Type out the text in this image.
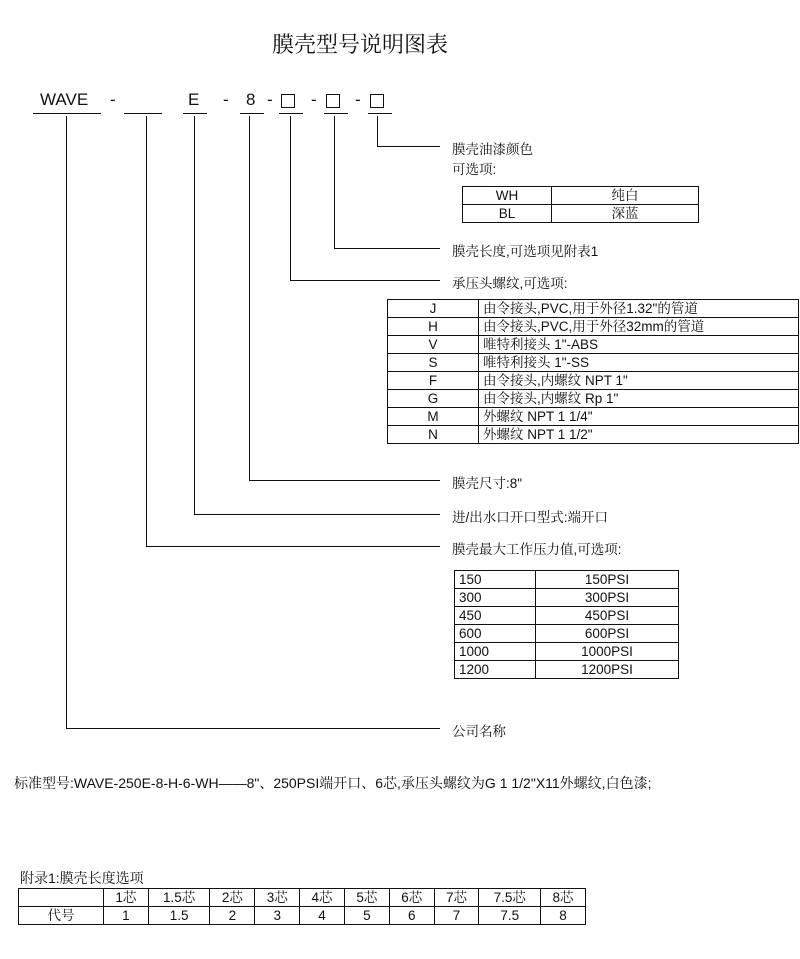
膜壳型号说明图表
WAVE -	E - 8 - - -
膜壳油漆颜色
可选项:
WH	纯白
BL	深蓝
膜壳长度,可选项见附表1
承压头螺纹,可选项:
J	由令接头,PVC,用于外径1.32"的管道
H	由令接头,PVC,用于外径32mm的管道
V	唯特利接头 1"-ABS
S	唯特利接头 1"-SS
F	由令接头,内螺纹 NPT 1"
G	由令接头,内螺纹 Rp 1"
M	外螺纹 NPT 1 1/4"
N	外螺纹 NPT 1 1/2"
膜壳尺寸:8"
进/出水口开口型式:端开口
膜壳最大工作压力值,可选项:
150	150PSI
300	300PSI
450	450PSI
600	600PSI
1000	1000PSI
1200	1200PSI
公司名称
标准型号:WAVE-250E-8-H-6-WH——8"、250PSI端开口、6芯,承压头螺纹为G 1 1/2"X11外螺纹,白色漆;
附录1:膜壳长度选项
	1芯	1.5芯	2芯	3芯	4芯	5芯	6芯	7芯	7.5芯	8芯
代号	1	1.5	2	3	4	5	6	7	7.5	8
